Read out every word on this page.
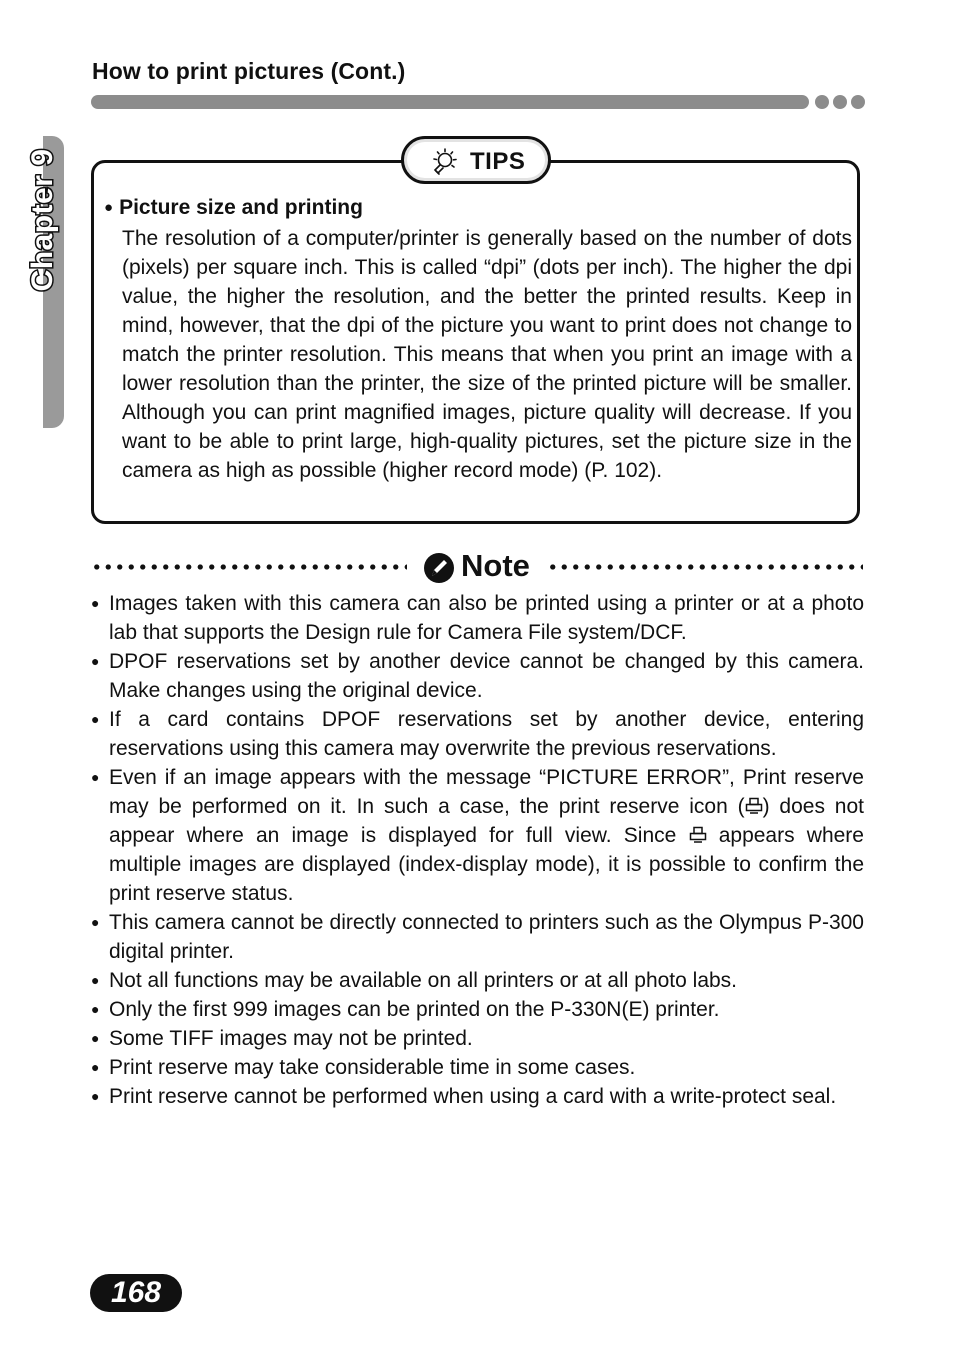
How to print pictures (Cont.)
Chapter 9	TIPS
● Picture size and printing
The resolution of a computer/printer is generally based on the number of dots (pixels) per square inch. This is called “dpi” (dots per inch). The higher the dpi value, the higher the resolution, and the better the printed results. Keep in mind, however, that the dpi of the picture you want to print does not change to match the printer resolution. This means that when you print an image with a lower resolution than the printer, the size of the printed picture will be smaller. Although you can print magnified images, picture quality will decrease. If you want to be able to print large, high-quality pictures, set the picture size in the camera as high as possible (higher record mode) (P. 102).
Note
● Images taken with this camera can also be printed using a printer or at a photo lab that supports the Design rule for Camera File system/DCF.
● DPOF reservations set by another device cannot be changed by this camera. Make changes using the original device.
● If a card contains DPOF reservations set by another device, entering reservations using this camera may overwrite the previous reservations.
● Even if an image appears with the message “PICTURE ERROR”, Print reserve may be performed on it. In such a case, the print reserve icon ( ) does not appear where an image is displayed for full view. Since  appears where multiple images are displayed (index-display mode), it is possible to confirm the print reserve status.
● This camera cannot be directly connected to printers such as the Olympus P-300 digital printer.
● Not all functions may be available on all printers or at all photo labs.
● Only the first 999 images can be printed on the P-330N(E) printer.
● Some TIFF images may not be printed.
● Print reserve may take considerable time in some cases.
● Print reserve cannot be performed when using a card with a write-protect seal.
168
